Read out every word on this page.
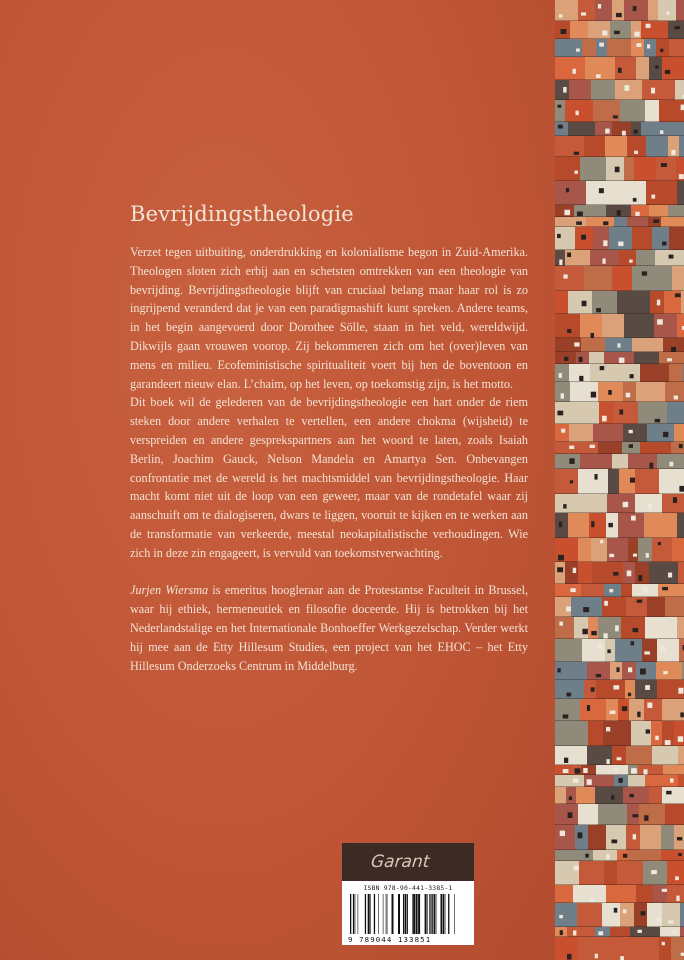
Bevrijdingstheologie

Verzet tegen uitbuiting, onderdrukking en kolonialisme begon in Zuid-Amerika. Theologen sloten zich erbij aan en schetsten omtrekken van een theologie van bevrijding. Bevrijdingstheologie blijft van cruciaal belang maar haar rol is zo ingrijpend veranderd dat je van een paradigmashift kunt spreken. Andere teams, in het begin aangevoerd door Dorothee Sölle, staan in het veld, wereldwijd. Dikwijls gaan vrouwen voorop. Zij bekommeren zich om het (over)leven van mens en milieu. Ecofeministische spiritualiteit voert bij hen de boventoon en garandeert nieuw elan. L’chaim, op het leven, op toekomstig zijn, is het motto.

Dit boek wil de gelederen van de bevrijdingstheologie een hart onder de riem steken door andere verhalen te vertellen, een andere chokma (wijsheid) te verspreiden en andere gesprekspartners aan het woord te laten, zoals Isaiah Berlin, Joachim Gauck, Nelson Mandela en Amartya Sen. Onbevangen confrontatie met de wereld is het machtsmiddel van bevrijdingstheologie. Haar macht komt niet uit de loop van een geweer, maar van de rondetafel waar zij aanschuift om te dialogiseren, dwars te liggen, vooruit te kijken en te werken aan de transformatie van verkeerde, meestal neokapitalistische verhoudingen. Wie zich in deze zin engageert, is vervuld van toekomstverwachting.

Jurjen Wiersma is emeritus hoogleraar aan de Protestantse Faculteit in Brussel, waar hij ethiek, hermeneutiek en filosofie doceerde. Hij is betrokken bij het Nederlandstalige en het Internationale Bonhoeffer Werkgezelschap. Verder werkt hij mee aan de Etty Hillesum Studies, een project van het EHOC – het Etty Hillesum Onderzoeks Centrum in Middelburg.

Garant
ISBN 978-90-441-3385-1
9 789044 133851
